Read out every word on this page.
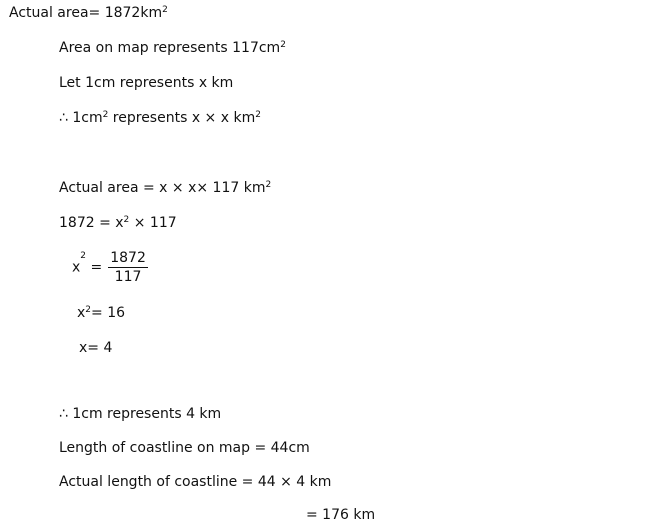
Actual area= $1872km^2$
Area on map represents $117cm^2$
Let 1cm represents x km
∴ $1cm^2$ represents x × x $km^2$
Actual area = x × x× 117 $km^2$
$1872 = x^2 \times 117$
$x^2 = \frac{1872}{117}$
$x^2= 16$
x= 4
∴ 1cm represents 4 km
Length of coastline on map = 44cm
Actual length of coastline = 44 × 4 km
= 176 km
